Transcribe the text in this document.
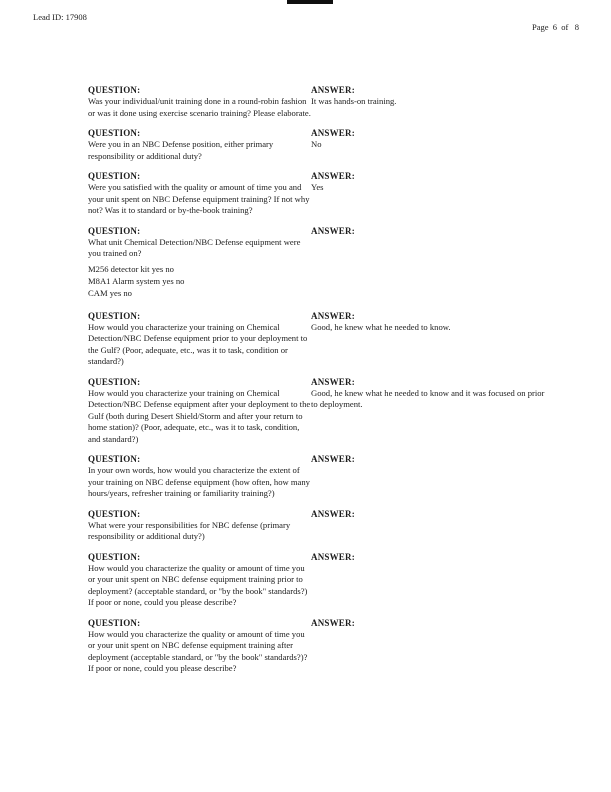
Lead ID: 17908
Page  6  of   8
QUESTION:
Was your individual/unit training done in a round-robin fashion or was it done using exercise scenario training? Please elaborate.
ANSWER:
It was hands-on training.
QUESTION:
Were you in an NBC Defense position, either primary responsibility or additional duty?
ANSWER:
No
QUESTION:
Were you satisfied with the quality or amount of time you and your unit spent on NBC Defense equipment training? If not why not? Was it to standard or by-the-book training?
ANSWER:
Yes
QUESTION:
What unit Chemical Detection/NBC Defense equipment were you trained on?
M256 detector kit yes no
M8A1 Alarm system yes no
CAM yes no
ANSWER:
QUESTION:
How would you characterize your training on Chemical Detection/NBC Defense equipment prior to your deployment to the Gulf? (Poor, adequate, etc., was it to task, condition or standard?)
ANSWER:
Good, he knew what he needed to know.
QUESTION:
How would you characterize your training on Chemical Detection/NBC Defense equipment after your deployment to the Gulf (both during Desert Shield/Storm and after your return to home station)? (Poor, adequate, etc., was it to task, condition, and standard?)
ANSWER:
Good, he knew what he needed to know and it was focused on prior to deployment.
QUESTION:
In your own words, how would you characterize the extent of your training on NBC defense equipment (how often, how many hours/years, refresher training or familiarity training?)
ANSWER:
QUESTION:
What were your responsibilities for NBC defense (primary responsibility or additional duty?)
ANSWER:
QUESTION:
How would you characterize the quality or amount of time you or your unit spent on NBC defense equipment training prior to deployment? (acceptable standard, or "by the book" standards?) If poor or none, could you please describe?
ANSWER:
QUESTION:
How would you characterize the quality or amount of time you or your unit spent on NBC defense equipment training after deployment (acceptable standard, or "by the book" standards?)? If poor or none, could you please describe?
ANSWER:
